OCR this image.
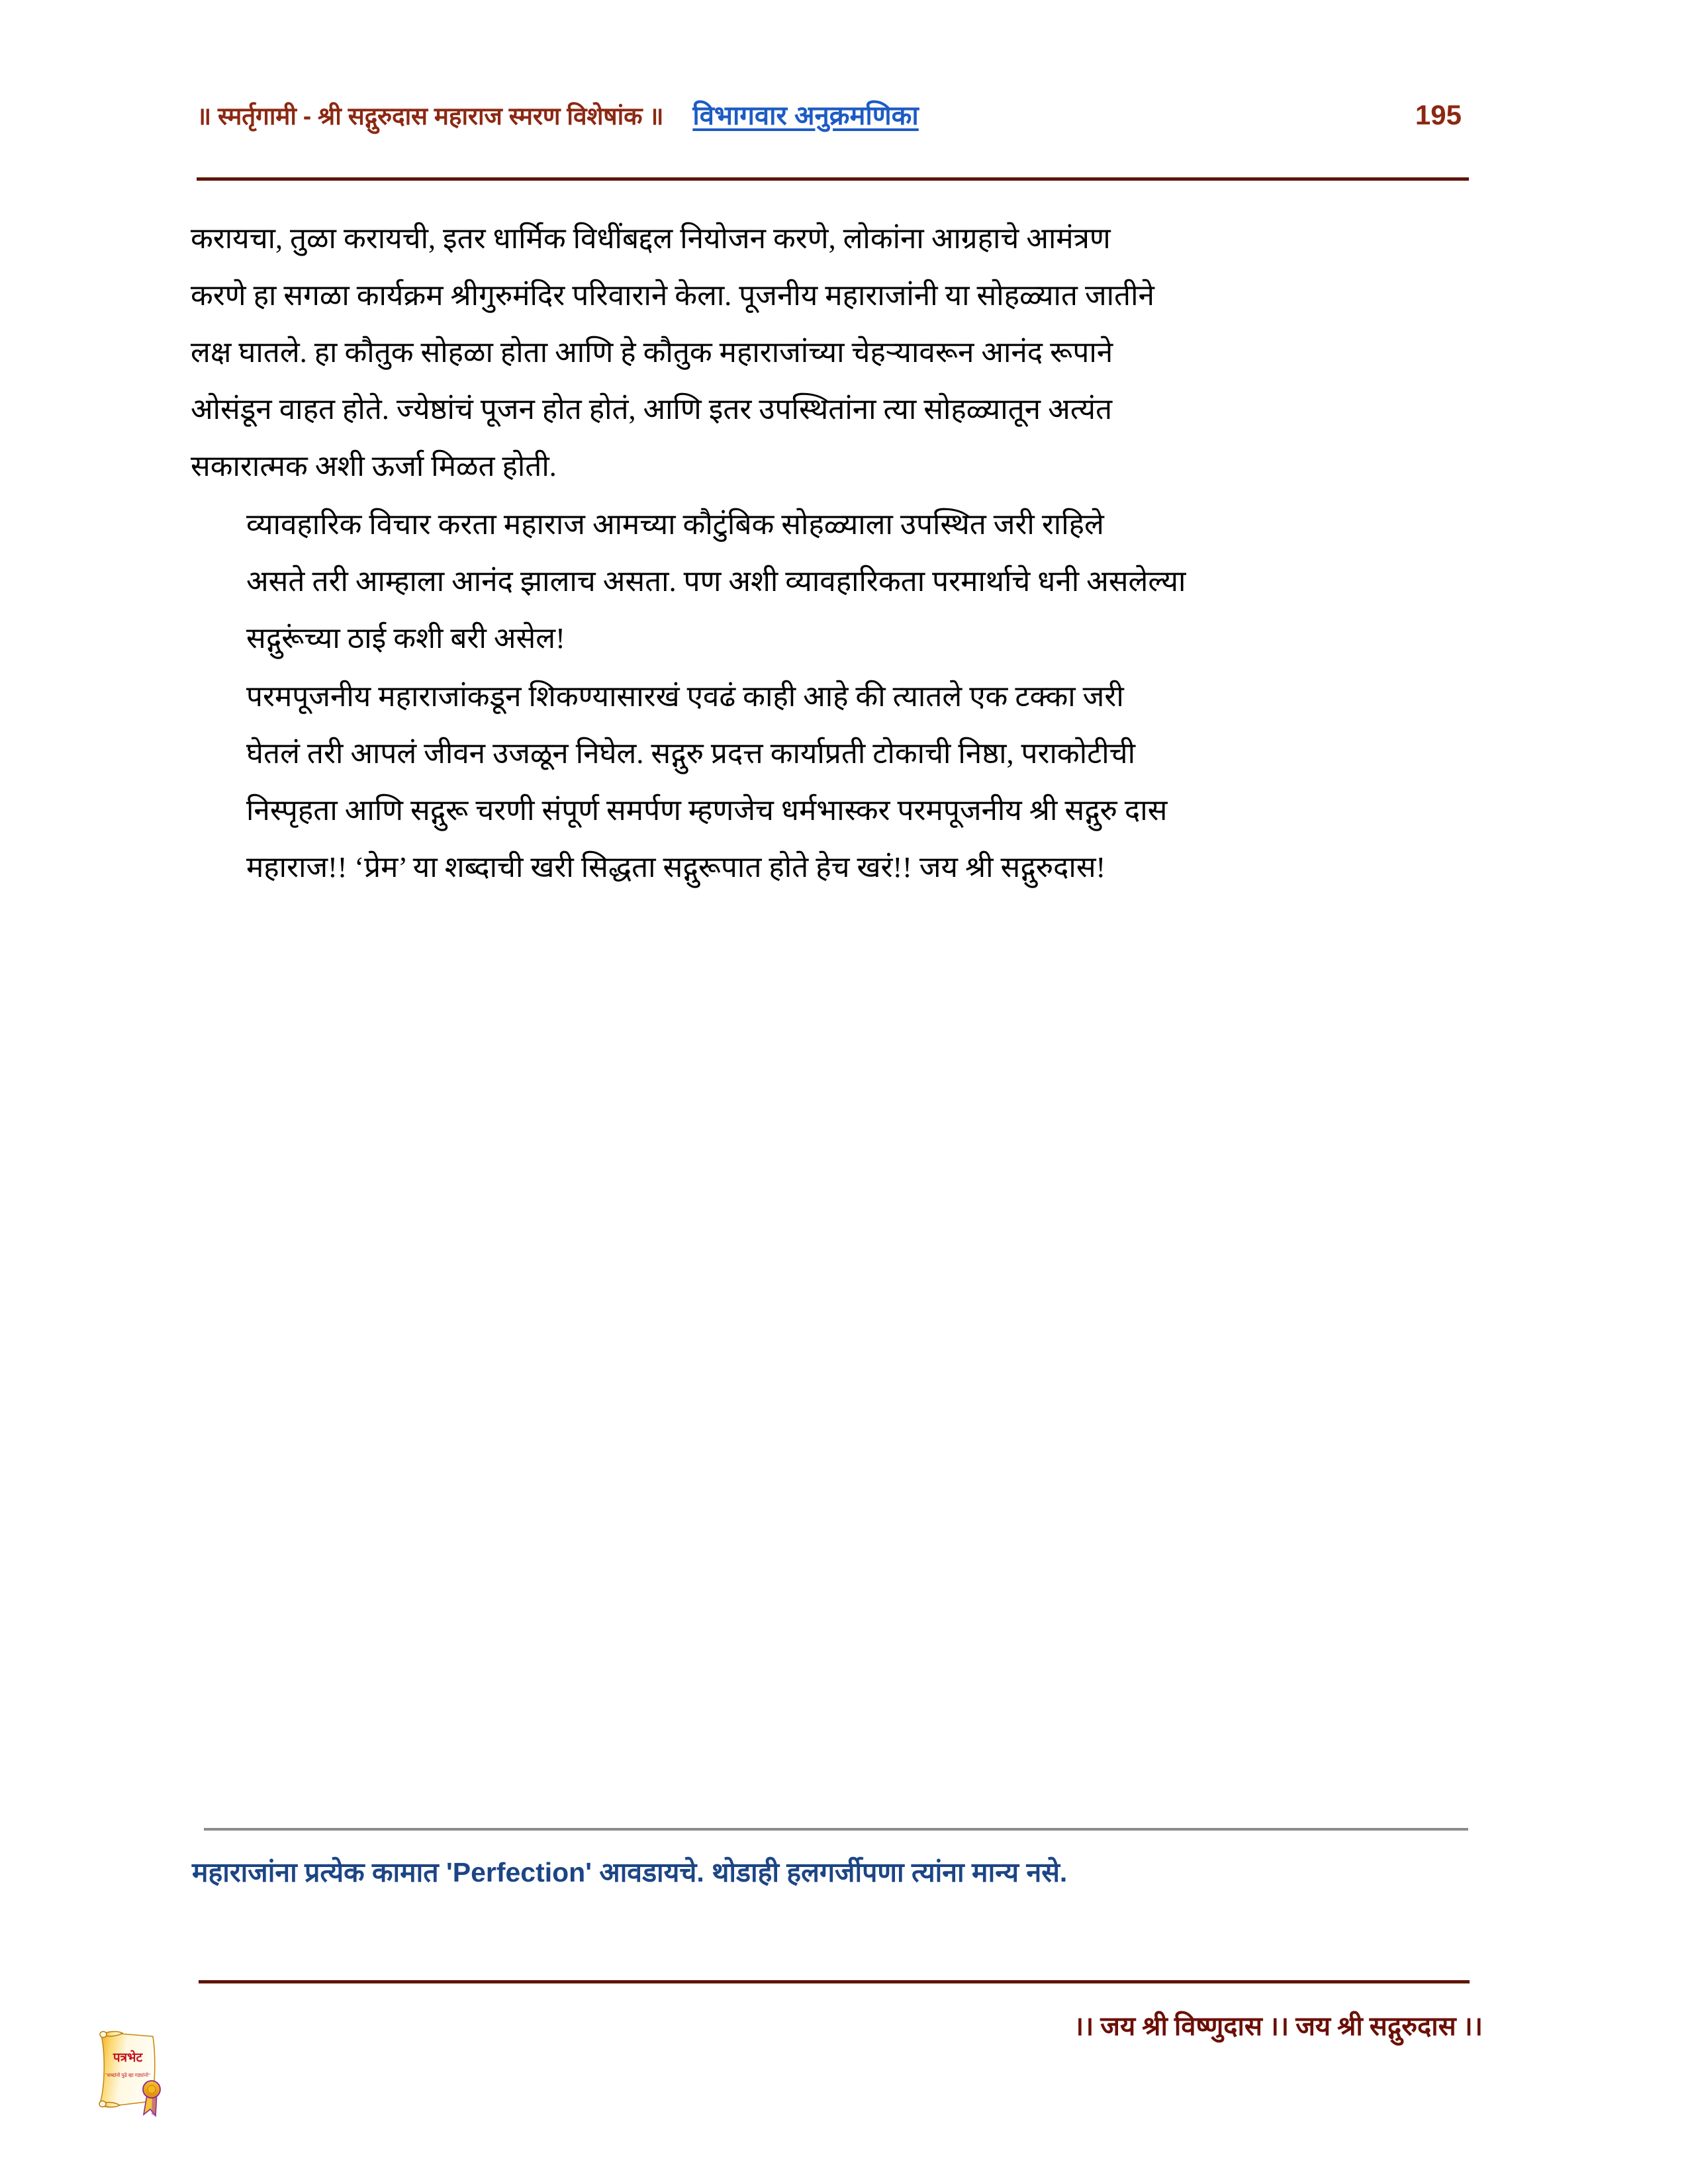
॥ स्मर्तृगामी - श्री सद्गुरुदास महाराज स्मरण विशेषांक ॥ विभागवार अनुक्रमणिका	195

करायचा, तुळा करायची, इतर धार्मिक विधींबद्दल नियोजन करणे, लोकांना आग्रहाचे आमंत्रण
करणे हा सगळा कार्यक्रम श्रीगुरुमंदिर परिवाराने केला. पूजनीय महाराजांनी या सोहळ्यात जातीने
लक्ष घातले. हा कौतुक सोहळा होता आणि हे कौतुक महाराजांच्या चेहऱ्यावरून आनंद रूपाने
ओसंडून वाहत होते. ज्येष्ठांचं पूजन होत होतं, आणि इतर उपस्थितांना त्या सोहळ्यातून अत्यंत
सकारात्मक अशी ऊर्जा मिळत होती.

व्यावहारिक विचार करता महाराज आमच्या कौटुंबिक सोहळ्याला उपस्थित जरी राहिले
असते तरी आम्हाला आनंद झालाच असता. पण अशी व्यावहारिकता परमार्थाचे धनी असलेल्या
सद्गुरूंच्या ठाई कशी बरी असेल!

परमपूजनीय महाराजांकडून शिकण्यासारखं एवढं काही आहे की त्यातले एक टक्का जरी
घेतलं तरी आपलं जीवन उजळून निघेल. सद्गुरु प्रदत्त कार्याप्रती टोकाची निष्ठा, पराकोटीची
निस्पृहता आणि सद्गुरू चरणी संपूर्ण समर्पण म्हणजेच धर्मभास्कर परमपूजनीय श्री सद्गुरु दास
महाराज!! ‘प्रेम’ या शब्दाची खरी सिद्धता सद्गुरूपात होते हेच खरं!! जय श्री सद्गुरुदास!

महाराजांना प्रत्येक कामात 'Perfection' आवडायचे. थोडाही हलगर्जीपणा त्यांना मान्य नसे.
।। जय श्री विष्णुदास ।। जय श्री सद्गुरुदास ।।
पत्रभेट
"शब्दांनो पुढे व्हा गड्यांनो"
